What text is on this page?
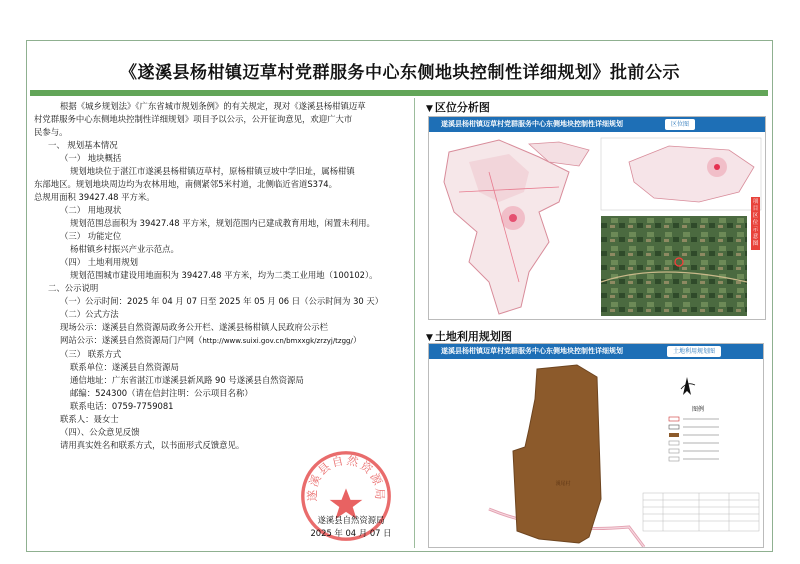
《遂溪县杨柑镇迈草村党群服务中心东侧地块控制性详细规划》批前公示

根据《城乡规划法》《广东省城市规划条例》的有关规定，现对《遂溪县杨柑镇迈草

村党群服务中心东侧地块控制性详细规划》项目予以公示，公开征询意见，欢迎广大市

民参与。

一、 规划基本情况

（一） 地块概括

规划地块位于湛江市遂溪县杨柑镇迈草村，原杨柑镇豆坡中学旧址，属杨柑镇

东部地区。规划地块周边均为农林用地，南侧紧邻5米村道，北侧临近省道S374。

总规用面积 39427.48 平方米。

（二） 用地现状

规划范围总面积为 39427.48 平方米，规划范围内已建成教育用地，闲置未利用。

（三） 功能定位

杨柑镇乡村振兴产业示范点。

（四） 土地利用规划

规划范围城市建设用地面积为 39427.48 平方米，均为二类工业用地（100102）。

二、公示说明

（一）公示时间：2025 年 04 月 07 日至 2025 年 05 月 06 日（公示时间为 30 天）

（二）公式方法

现场公示：遂溪县自然资源局政务公开栏、遂溪县杨柑镇人民政府公示栏

网站公示：遂溪县自然资源局门户网（http://www.suixi.gov.cn/bmxxgk/zrzyj/tzgg/）

（三） 联系方式

联系单位：遂溪县自然资源局

通信地址：广东省湛江市遂溪县新风路 90 号遂溪县自然资源局

邮编：524300（请在信封注明：公示项目名称）

联系电话：0759-7759081

联系人：聂女士

（四）、公众意见反馈

请用真实姓名和联系方式，以书面形式反馈意见。

遂溪县自然资源局
遂溪县自然资源局
2025 年 04 月 07 日
▼ 区位分析图
遂溪县杨柑镇迈草村党群服务中心东侧地块控制性详细规划	区位图
项目区位示意图
▼ 土地利用规划图
遂溪县杨柑镇迈草村党群服务中心东侧地块控制性详细规划	土地利用规划图
图例
溪尾村
